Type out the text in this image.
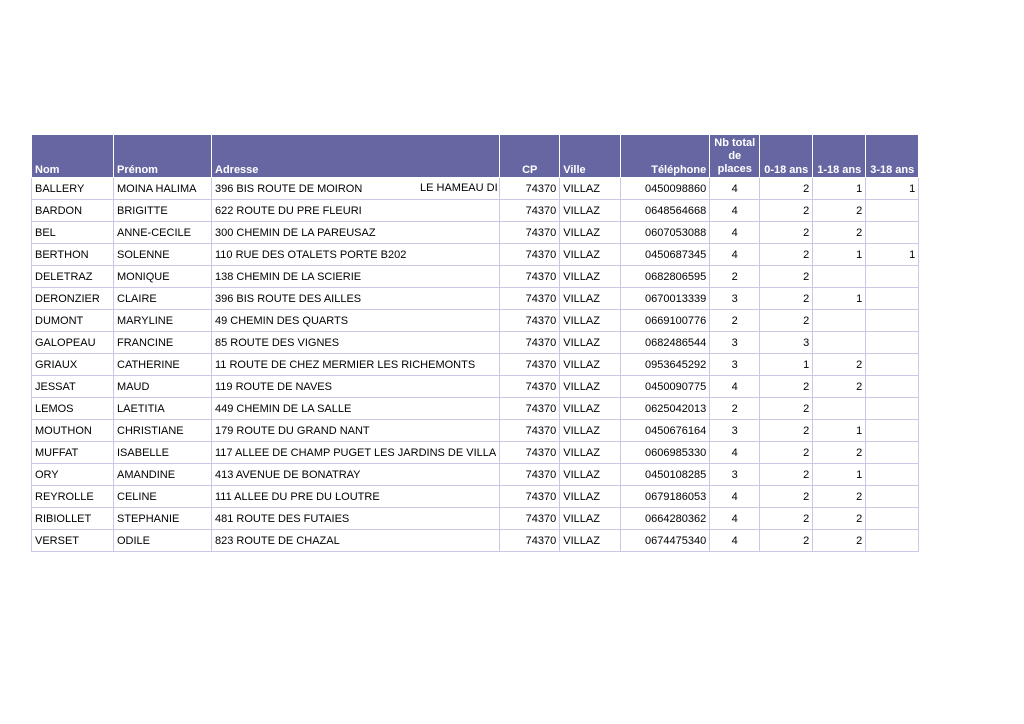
Nom	Prénom	Adresse	CP	Ville	Téléphone	Nb total de places	0-18 ans	1-18 ans	3-18 ans
BALLERY	MOINA HALIMA	396 BIS ROUTE DE MOIRON LE HAMEAU DI	74370	VILLAZ	0450098860	4	2	1	1
BARDON	BRIGITTE	622 ROUTE DU PRE FLEURI	74370	VILLAZ	0648564668	4	2	2	
BEL	ANNE-CECILE	300 CHEMIN DE LA PAREUSAZ	74370	VILLAZ	0607053088	4	2	2	
BERTHON	SOLENNE	110 RUE DES OTALETS PORTE B202	74370	VILLAZ	0450687345	4	2	1	1
DELETRAZ	MONIQUE	138 CHEMIN DE LA SCIERIE	74370	VILLAZ	0682806595	2	2		
DERONZIER	CLAIRE	396 BIS ROUTE DES AILLES	74370	VILLAZ	0670013339	3	2	1	
DUMONT	MARYLINE	49 CHEMIN DES QUARTS	74370	VILLAZ	0669100776	2	2		
GALOPEAU	FRANCINE	85 ROUTE DES VIGNES	74370	VILLAZ	0682486544	3	3		
GRIAUX	CATHERINE	11 ROUTE DE CHEZ MERMIER LES RICHEMONTS	74370	VILLAZ	0953645292	3	1	2	
JESSAT	MAUD	119 ROUTE DE NAVES	74370	VILLAZ	0450090775	4	2	2	
LEMOS	LAETITIA	449 CHEMIN DE LA SALLE	74370	VILLAZ	0625042013	2	2		
MOUTHON	CHRISTIANE	179 ROUTE DU GRAND NANT	74370	VILLAZ	0450676164	3	2	1	
MUFFAT	ISABELLE	117 ALLEE DE CHAMP PUGET LES JARDINS DE VILLA	74370	VILLAZ	0606985330	4	2	2	
ORY	AMANDINE	413 AVENUE DE BONATRAY	74370	VILLAZ	0450108285	3	2	1	
REYROLLE	CELINE	111 ALLEE DU PRE DU LOUTRE	74370	VILLAZ	0679186053	4	2	2	
RIBIOLLET	STEPHANIE	481 ROUTE DES FUTAIES	74370	VILLAZ	0664280362	4	2	2	
VERSET	ODILE	823 ROUTE DE CHAZAL	74370	VILLAZ	0674475340	4	2	2	
